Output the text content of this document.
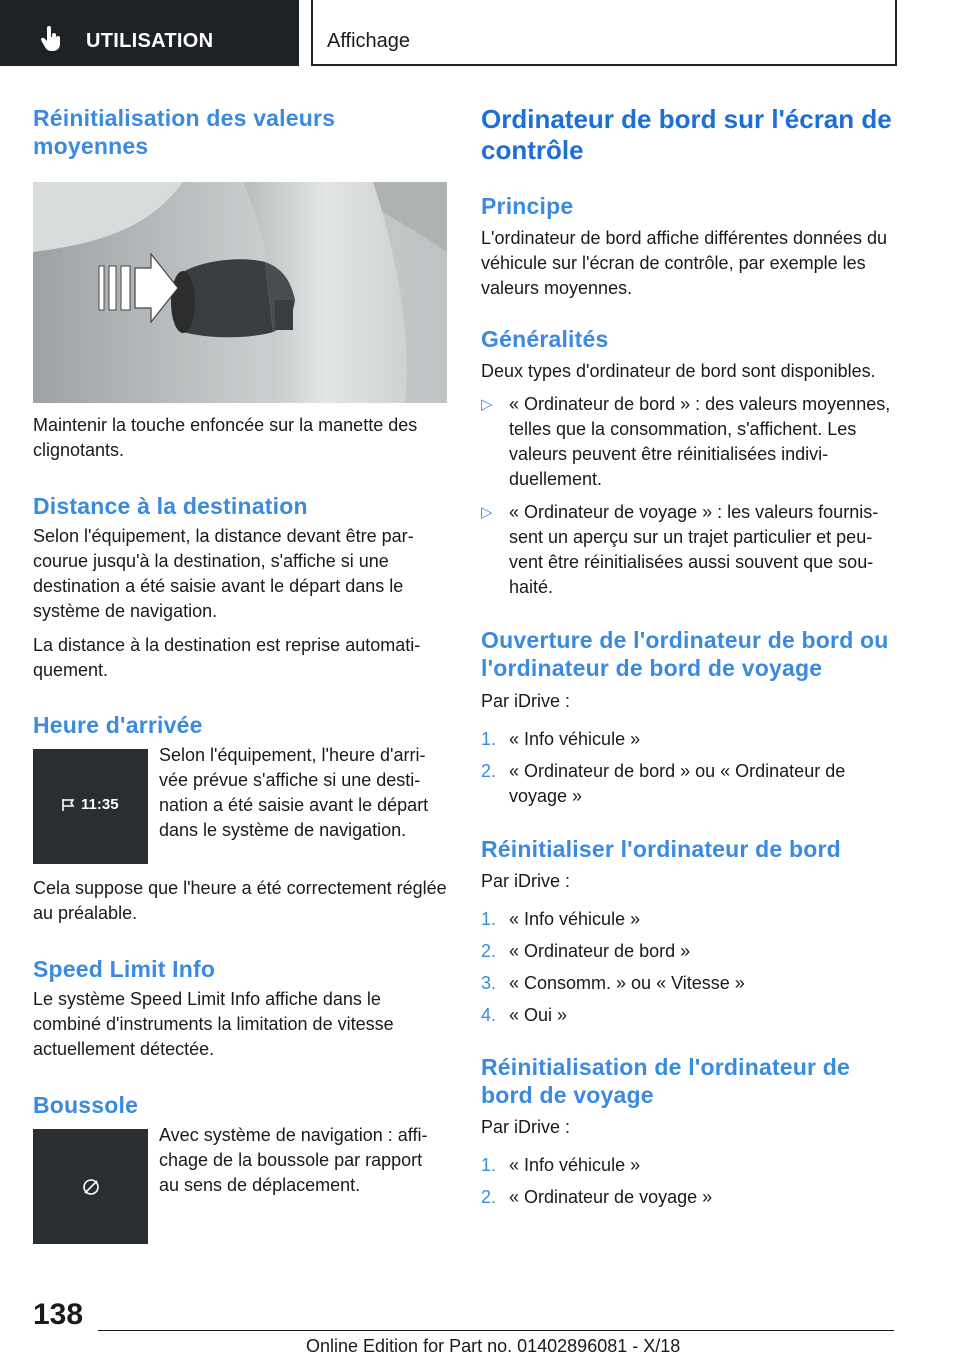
UTILISATION	Affichage
Réinitialisation des valeurs moyennes

Maintenir la touche enfoncée sur la manette des clignotants.

Distance à la destination

Selon l'équipement, la distance devant être parcourue jusqu'à la destination, s'affiche si une destination a été saisie avant le départ dans le système de navigation.

La distance à la destination est reprise automatiquement.

Heure d'arrivée
11:35

Selon l'équipement, l'heure d'arrivée prévue s'affiche si une destination a été saisie avant le départ dans le système de navigation.

Cela suppose que l'heure a été correctement réglée au préalable.

Speed Limit Info

Le système Speed Limit Info affiche dans le combiné d'instruments la limitation de vitesse actuellement détectée.

Boussole

Avec système de navigation : affichage de la boussole par rapport au sens de déplacement.

Ordinateur de bord sur l'écran de contrôle
Principe

L'ordinateur de bord affiche différentes données du véhicule sur l'écran de contrôle, par exemple les valeurs moyennes.

Généralités

Deux types d'ordinateur de bord sont disponibles.

▷ « Ordinateur de bord » : des valeurs moyennes, telles que la consommation, s'affichent. Les valeurs peuvent être réinitialisées individuellement.
▷ « Ordinateur de voyage » : les valeurs fournissent un aperçu sur un trajet particulier et peuvent être réinitialisées aussi souvent que souhaité.
Ouverture de l'ordinateur de bord ou l'ordinateur de bord de voyage

Par iDrive :

1. « Info véhicule »
2. « Ordinateur de bord » ou « Ordinateur de voyage »
Réinitialiser l'ordinateur de bord

Par iDrive :

1. « Info véhicule »
2. « Ordinateur de bord »
3. « Consomm. » ou « Vitesse »
4. « Oui »
Réinitialisation de l'ordinateur de bord de voyage

Par iDrive :

1. « Info véhicule »
2. « Ordinateur de voyage »
138
Online Edition for Part no. 01402896081 - X/18
